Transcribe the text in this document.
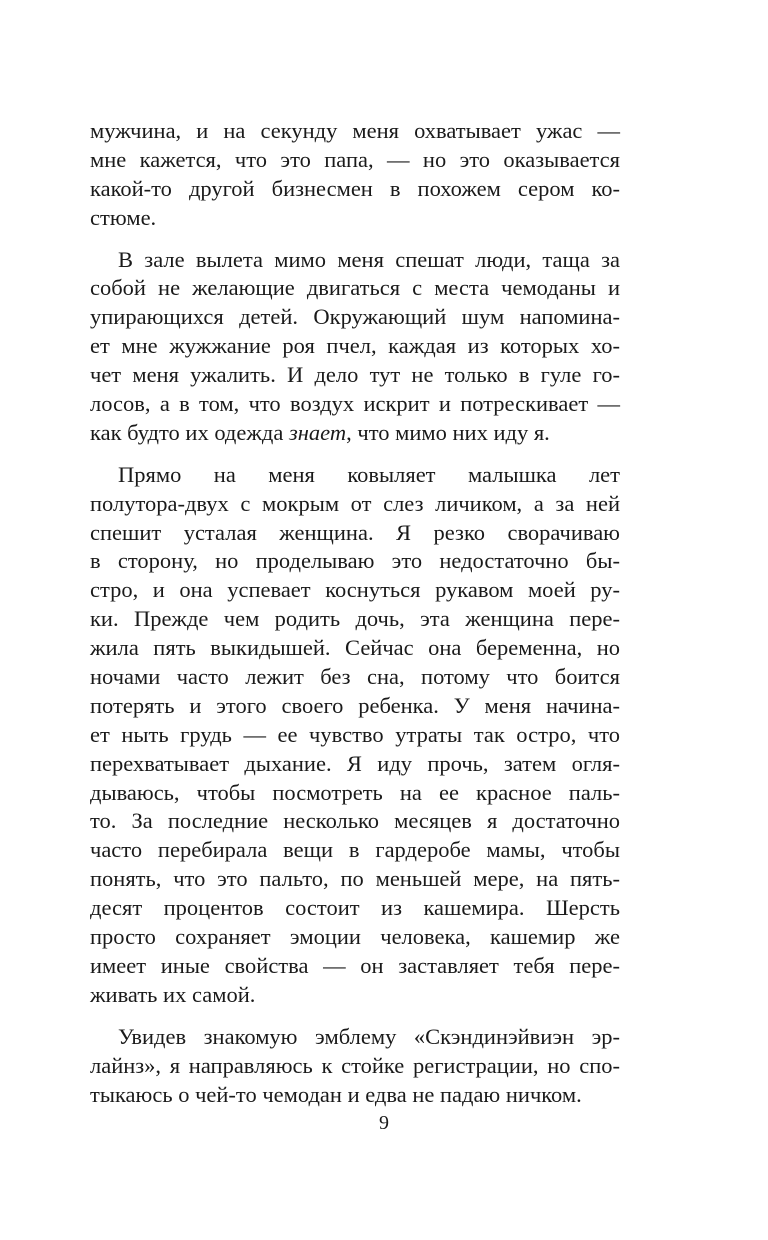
мужчина, и на секунду меня охватывает ужас —
мне кажется, что это папа, — но это оказывается
какой-то другой бизнесмен в похожем сером ко-
стюме.
В зале вылета мимо меня спешат люди, таща за
собой не желающие двигаться с места чемоданы и
упирающихся детей. Окружающий шум напомина-
ет мне жужжание роя пчел, каждая из которых хо-
чет меня ужалить. И дело тут не только в гуле го-
лосов, а в том, что воздух искрит и потрескивает —
как будто их одежда знает, что мимо них иду я.
Прямо на меня ковыляет малышка лет
полутора-двух с мокрым от слез личиком, а за ней
спешит усталая женщина. Я резко сворачиваю
в сторону, но проделываю это недостаточно бы-
стро, и она успевает коснуться рукавом моей ру-
ки. Прежде чем родить дочь, эта женщина пере-
жила пять выкидышей. Сейчас она беременна, но
ночами часто лежит без сна, потому что боится
потерять и этого своего ребенка. У меня начина-
ет ныть грудь — ее чувство утраты так остро, что
перехватывает дыхание. Я иду прочь, затем огля-
дываюсь, чтобы посмотреть на ее красное паль-
то. За последние несколько месяцев я достаточно
часто перебирала вещи в гардеробе мамы, чтобы
понять, что это пальто, по меньшей мере, на пять-
десят процентов состоит из кашемира. Шерсть
просто сохраняет эмоции человека, кашемир же
имеет иные свойства — он заставляет тебя пере-
живать их самой.
Увидев знакомую эмблему «Скэндинэйвиэн эр-
лайнз», я направляюсь к стойке регистрации, но спо-
тыкаюсь о чей-то чемодан и едва не падаю ничком.
9
